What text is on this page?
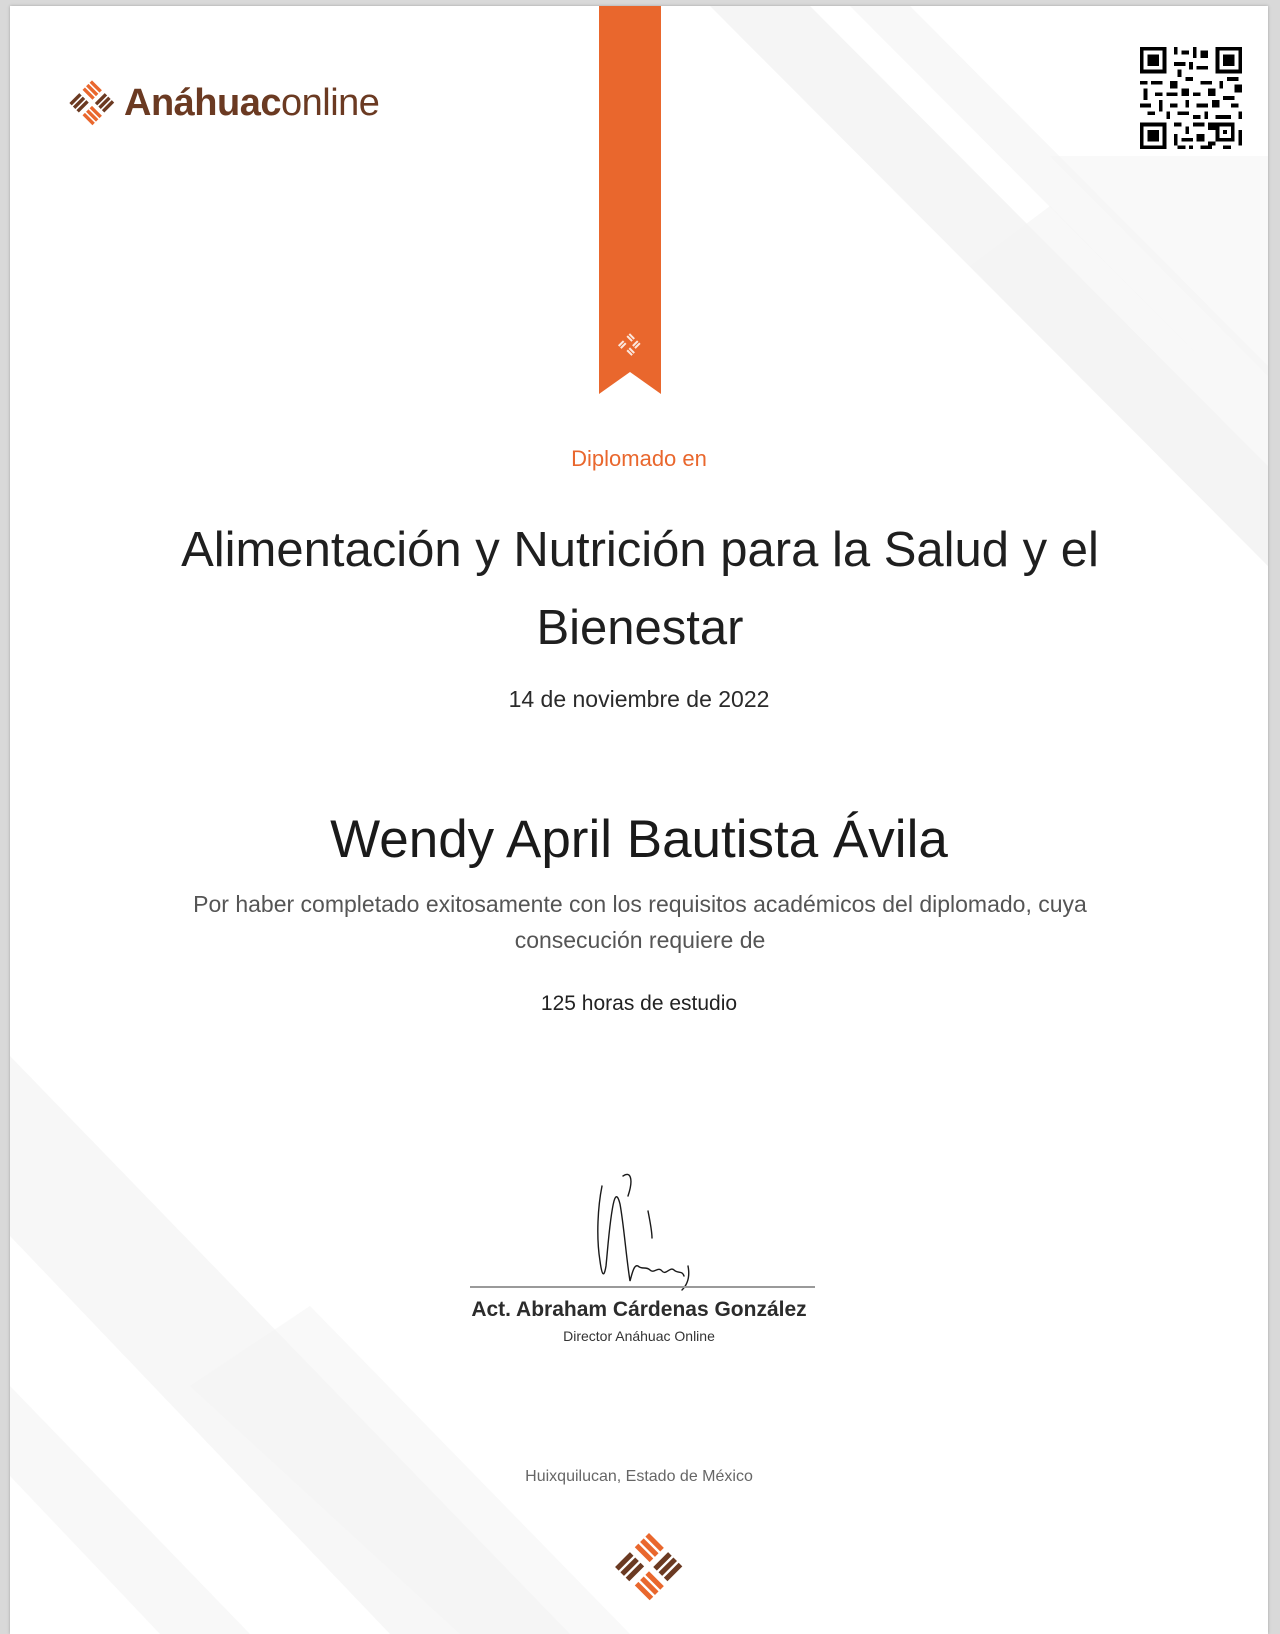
Anáhuaconline
Diplomado en
Alimentación y Nutrición para la Salud y el Bienestar
14 de noviembre de 2022
Wendy April Bautista Ávila
Por haber completado exitosamente con los requisitos académicos del diplomado, cuya consecución requiere de
125 horas de estudio
Act. Abraham Cárdenas González
Director Anáhuac Online
Huixquilucan, Estado de México
